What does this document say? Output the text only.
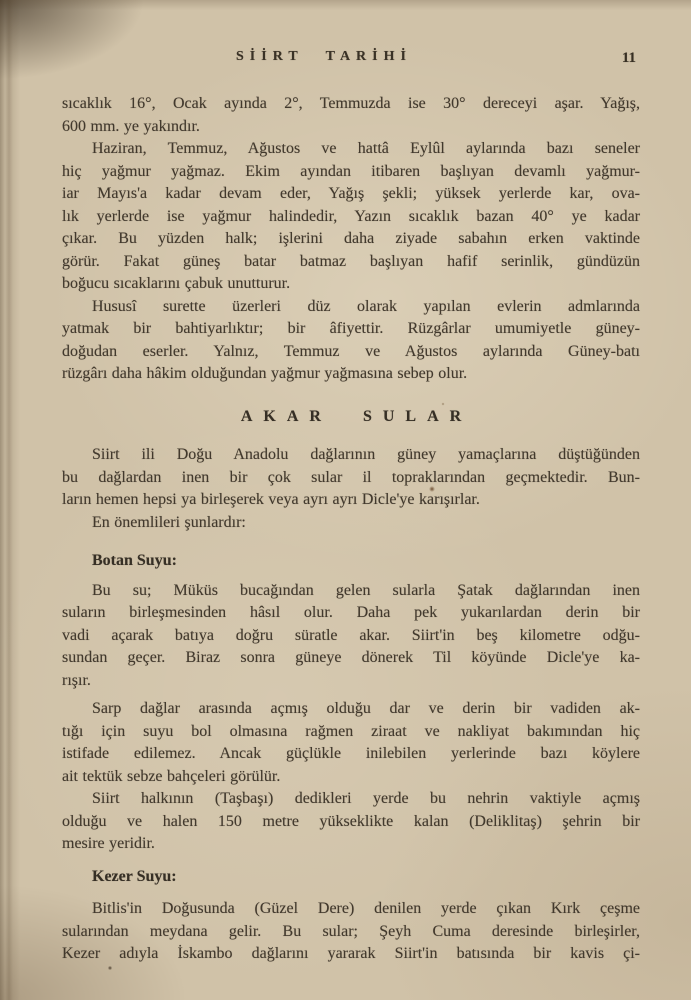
SİİRT TARİHİ	11
sıcaklık 16°, Ocak ayında 2°, Temmuzda ise 30° dereceyi aşar. Yağış,
600 mm. ye yakındır.
Haziran, Temmuz, Ağustos ve hattâ Eylûl aylarında bazı seneler
hiç yağmur yağmaz. Ekim ayından itibaren başlıyan devamlı yağmur-
iar Mayıs'a kadar devam eder, Yağış şekli; yüksek yerlerde kar, ova-
lık yerlerde ise yağmur halindedir, Yazın sıcaklık bazan 40° ye kadar
çıkar. Bu yüzden halk; işlerini daha ziyade sabahın erken vaktinde
görür. Fakat güneş batar batmaz başlıyan hafif serinlik, gündüzün
boğucu sıcaklarını çabuk unutturur.
Hususî surette üzerleri düz olarak yapılan evlerin admlarında
yatmak bir bahtiyarlıktır; bir âfiyettir. Rüzgârlar umumiyetle güney-
doğudan eserler. Yalnız, Temmuz ve Ağustos aylarında Güney-batı
rüzgârı daha hâkim olduğundan yağmur yağmasına sebep olur.
AKAR SULAR
Siirt ili Doğu Anadolu dağlarının güney yamaçlarına düştüğünden
bu dağlardan inen bir çok sular il topraklarından geçmektedir. Bun-
ların hemen hepsi ya birleşerek veya ayrı ayrı Dicle'ye karışırlar.
En önemlileri şunlardır:
Botan Suyu:
Bu su; Müküs bucağından gelen sularla Şatak dağlarından inen
suların birleşmesinden hâsıl olur. Daha pek yukarılardan derin bir
vadi açarak batıya doğru süratle akar. Siirt'in beş kilometre odğu-
sundan geçer. Biraz sonra güneye dönerek Til köyünde Dicle'ye ka-
rışır.
Sarp dağlar arasında açmış olduğu dar ve derin bir vadiden ak-
tığı için suyu bol olmasına rağmen ziraat ve nakliyat bakımından hiç
istifade edilemez. Ancak güçlükle inilebilen yerlerinde bazı köylere
ait tektük sebze bahçeleri görülür.
Siirt halkının (Taşbaşı) dedikleri yerde bu nehrin vaktiyle açmış
olduğu ve halen 150 metre yükseklikte kalan (Deliklitaş) şehrin bir
mesire yeridir.
Kezer Suyu:
Bitlis'in Doğusunda (Güzel Dere) denilen yerde çıkan Kırk çeşme
sularından meydana gelir. Bu sular; Şeyh Cuma deresinde birleşirler,
Kezer adıyla İskambo dağlarını yararak Siirt'in batısında bir kavis çi-
